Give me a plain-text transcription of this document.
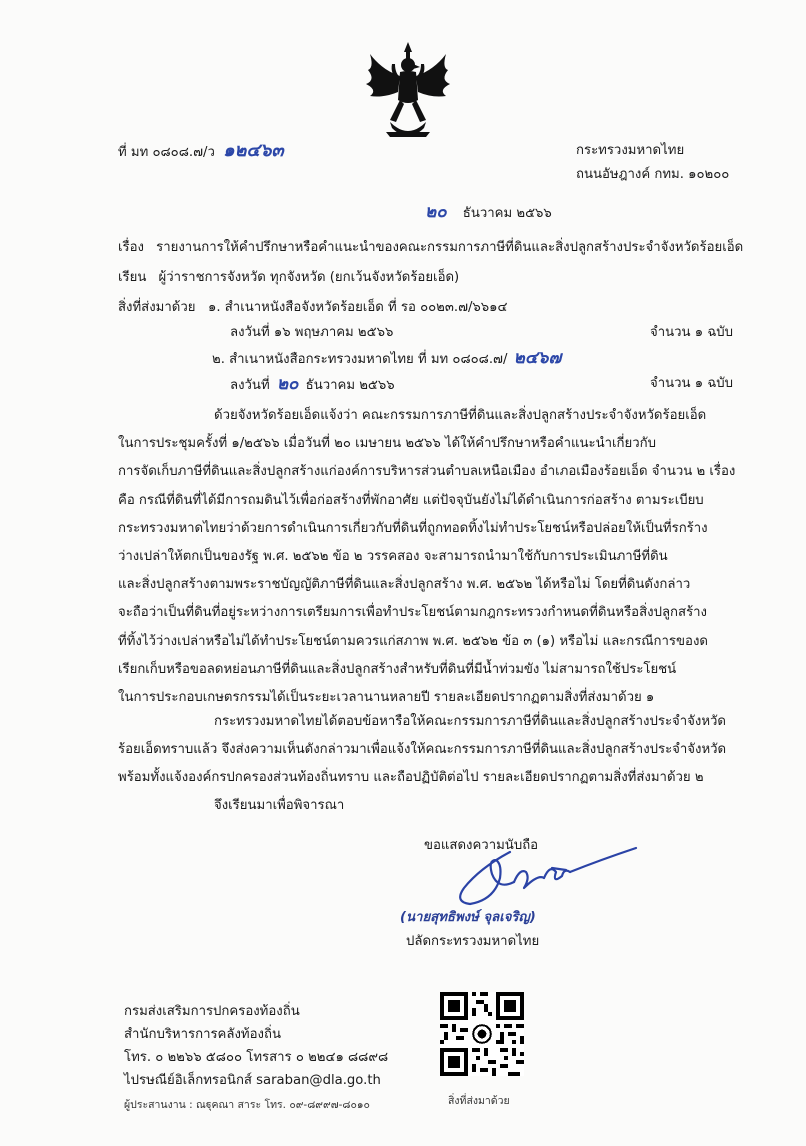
ที่ มท ๐๘๐๘.๗/ว ๑๒๔๖๓	กระทรวงมหาดไทย
ถนนอัษฎางค์ กทม. ๑๐๒๐๐
๒๐ ธันวาคม ๒๕๖๖
เรื่อง รายงานการให้คำปรึกษาหรือคำแนะนำของคณะกรรมการภาษีที่ดินและสิ่งปลูกสร้างประจำจังหวัดร้อยเอ็ด
เรียน ผู้ว่าราชการจังหวัด ทุกจังหวัด (ยกเว้นจังหวัดร้อยเอ็ด)
สิ่งที่ส่งมาด้วย ๑. สำเนาหนังสือจังหวัดร้อยเอ็ด ที่ รอ ๐๐๒๓.๗/๖๖๑๔
ลงวันที่ ๑๖ พฤษภาคม ๒๕๖๖	จำนวน ๑ ฉบับ
๒. สำเนาหนังสือกระทรวงมหาดไทย ที่ มท ๐๘๐๘.๗/ ๒๔๖๗
ลงวันที่ ๒๐ ธันวาคม ๒๕๖๖	จำนวน ๑ ฉบับ
ด้วยจังหวัดร้อยเอ็ดแจ้งว่า คณะกรรมการภาษีที่ดินและสิ่งปลูกสร้างประจำจังหวัดร้อยเอ็ด
ในการประชุมครั้งที่ ๑/๒๕๖๖ เมื่อวันที่ ๒๐ เมษายน ๒๕๖๖ ได้ให้คำปรึกษาหรือคำแนะนำเกี่ยวกับ
การจัดเก็บภาษีที่ดินและสิ่งปลูกสร้างแก่องค์การบริหารส่วนตำบลเหนือเมือง อำเภอเมืองร้อยเอ็ด จำนวน ๒ เรื่อง
คือ กรณีที่ดินที่ได้มีการถมดินไว้เพื่อก่อสร้างที่พักอาศัย แต่ปัจจุบันยังไม่ได้ดำเนินการก่อสร้าง ตามระเบียบ
กระทรวงมหาดไทยว่าด้วยการดำเนินการเกี่ยวกับที่ดินที่ถูกทอดทิ้งไม่ทำประโยชน์หรือปล่อยให้เป็นที่รกร้าง
ว่างเปล่าให้ตกเป็นของรัฐ พ.ศ. ๒๕๖๒ ข้อ ๒ วรรคสอง จะสามารถนำมาใช้กับการประเมินภาษีที่ดิน
และสิ่งปลูกสร้างตามพระราชบัญญัติภาษีที่ดินและสิ่งปลูกสร้าง พ.ศ. ๒๕๖๒ ได้หรือไม่ โดยที่ดินดังกล่าว
จะถือว่าเป็นที่ดินที่อยู่ระหว่างการเตรียมการเพื่อทำประโยชน์ตามกฎกระทรวงกำหนดที่ดินหรือสิ่งปลูกสร้าง
ที่ทิ้งไว้ว่างเปล่าหรือไม่ได้ทำประโยชน์ตามควรแก่สภาพ พ.ศ. ๒๕๖๒ ข้อ ๓ (๑) หรือไม่ และกรณีการของด
เรียกเก็บหรือขอลดหย่อนภาษีที่ดินและสิ่งปลูกสร้างสำหรับที่ดินที่มีน้ำท่วมขัง ไม่สามารถใช้ประโยชน์
ในการประกอบเกษตรกรรมได้เป็นระยะเวลานานหลายปี รายละเอียดปรากฏตามสิ่งที่ส่งมาด้วย ๑
กระทรวงมหาดไทยได้ตอบข้อหารือให้คณะกรรมการภาษีที่ดินและสิ่งปลูกสร้างประจำจังหวัด
ร้อยเอ็ดทราบแล้ว จึงส่งความเห็นดังกล่าวมาเพื่อแจ้งให้คณะกรรมการภาษีที่ดินและสิ่งปลูกสร้างประจำจังหวัด
พร้อมทั้งแจ้งองค์กรปกครองส่วนท้องถิ่นทราบ และถือปฏิบัติต่อไป รายละเอียดปรากฏตามสิ่งที่ส่งมาด้วย ๒
จึงเรียนมาเพื่อพิจารณา
ขอแสดงความนับถือ
(นายสุทธิพงษ์ จุลเจริญ)
ปลัดกระทรวงมหาดไทย
กรมส่งเสริมการปกครองท้องถิ่น
สำนักบริหารการคลังท้องถิ่น
โทร. ๐ ๒๒๖๖ ๕๘๐๐ โทรสาร ๐ ๒๒๔๑ ๘๘๙๘
ไปรษณีย์อิเล็กทรอนิกส์ saraban@dla.go.th
ผู้ประสานงาน : ณฐุคณา สาระ โทร. ๐๙-๘๙๙๗-๘๐๑๐	สิ่งที่ส่งมาด้วย
